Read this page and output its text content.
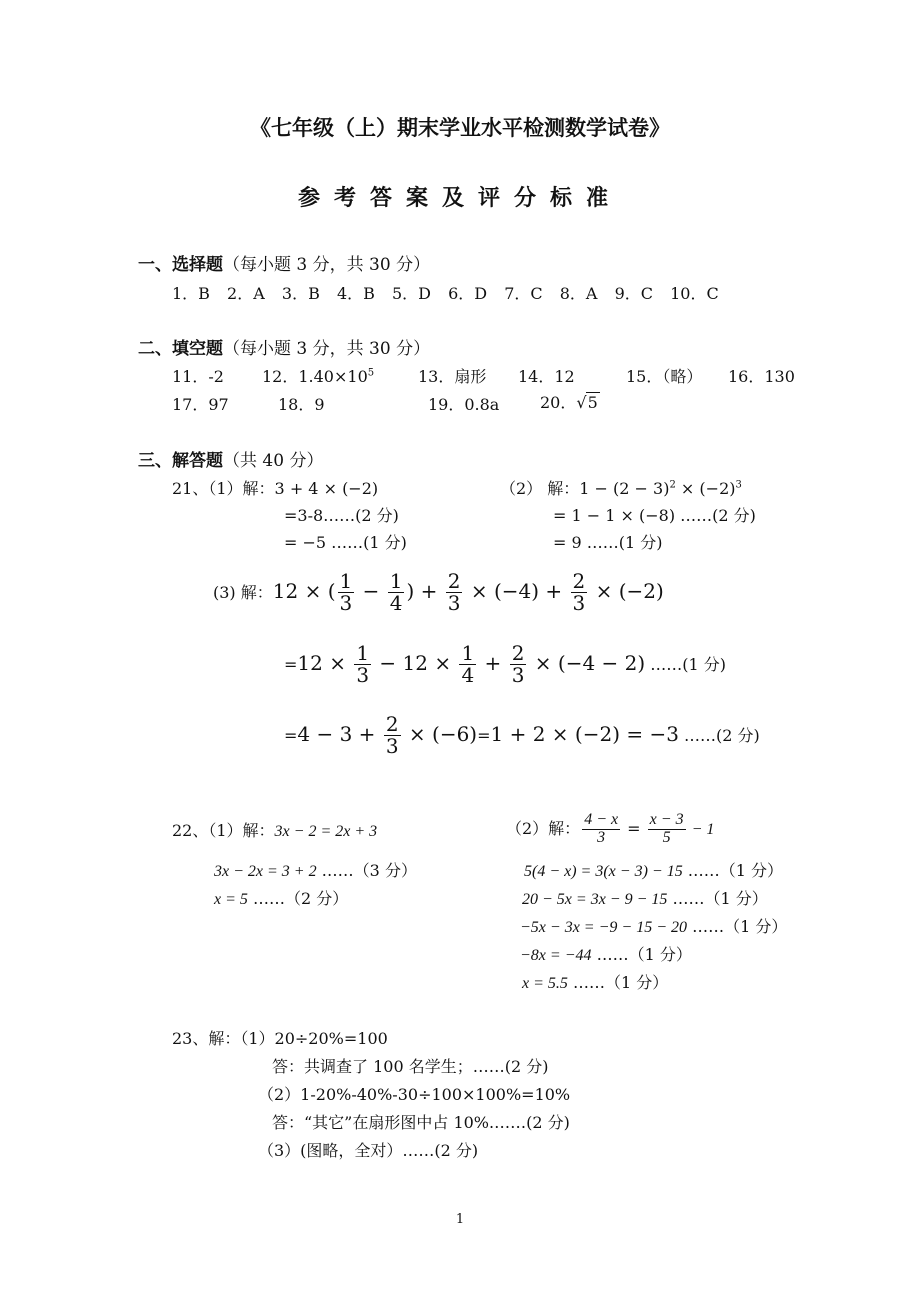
《七年级（上）期末学业水平检测数学试卷》
参考答案及评分标准
一、选择题（每小题 3 分，共 30 分）
1．B 2．A 3．B 4．B 5．D 6．D 7．C 8．A 9．C 10．C
二、填空题（每小题 3 分，共 30 分）
11．-2 12．$1.40\times 10^5$	13．扇形 14．12	15．（略） 16．130
17．97	18．9	19．0.8a	20．√5
三、解答题（共 40 分）
21、（1）解：3 + 4 × (−2)
=3-8……(2 分)
= −5 ……(1 分)
（2） 解：$1 - (2 - 3)^2 \times (-2)^3$
= 1 − 1 × (−8) ……(2 分)
= 9 ……(1 分)
(3) 解：12 × ( $\frac{1}{3} - \frac{1}{4}$ ) + $\frac{2}{3} \times (-4) + \frac{2}{3} \times (-2)$
$=12 \times \frac{1}{3} - 12 \times \frac{1}{4} + \frac{2}{3} \times (-4 - 2)$ ……(1 分)
$=4 - 3 + \frac{2}{3} \times (-6)=1 + 2 \times (-2) = -3$ ……(2 分)
22、（1）解：3x − 2 = 2x + 3
3x − 2x = 3 + 2 ……（3 分）
x = 5 ……（2 分）
（2）解： $\frac{4 - x}{3} = \frac{x - 3}{5} - 1$
5(4 − x) = 3(x − 3) − 15 ……（1 分）
20 − 5x = 3x − 9 − 15 ……（1 分）
−5x − 3x = −9 − 15 − 20 ……（1 分）
−8x = −44 ……（1 分）
x = 5.5 ……（1 分）
23、解：（1）20÷20%=100
答：共调查了 100 名学生；……(2 分)
（2）1-20%-40%-30÷100×100%=10%
答：“其它”在扇形图中占 10%.……(2 分)
（3）(图略，全对）……(2 分)
1
